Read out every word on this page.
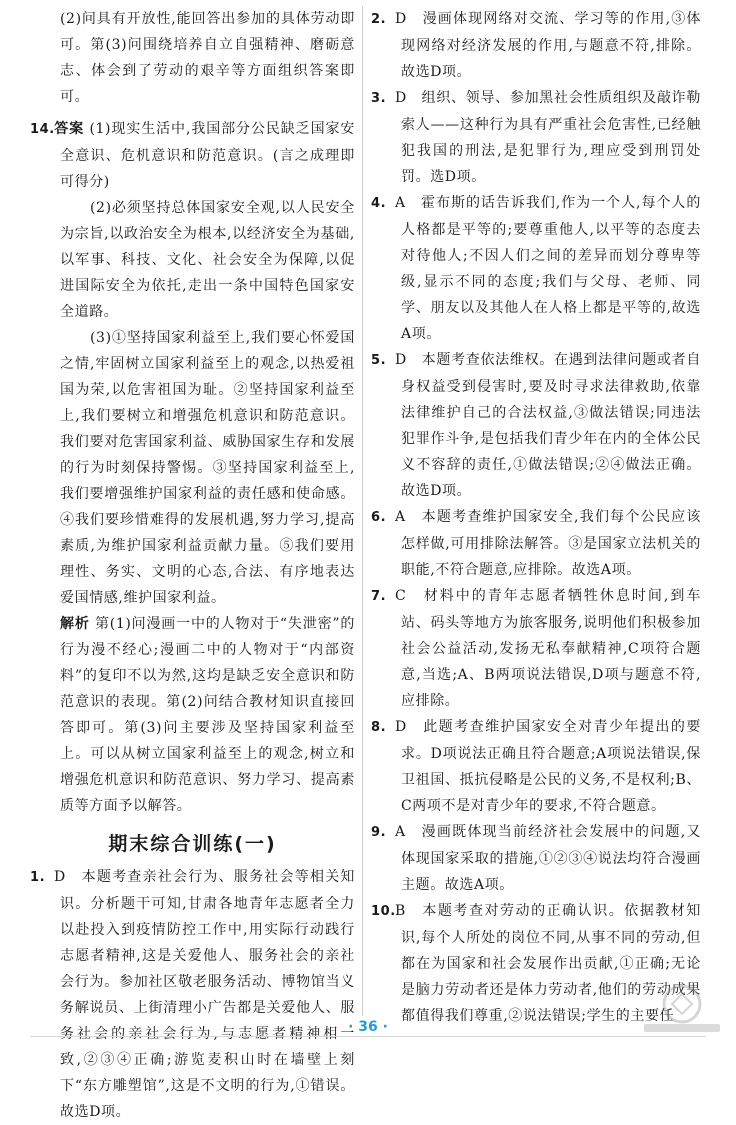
(2)问具有开放性,能回答出参加的具体劳动即可。第(3)问围绕培养自立自强精神、磨砺意志、体会到了劳动的艰辛等方面组织答案即可。

14.答案 (1)现实生活中,我国部分公民缺乏国家安全意识、危机意识和防范意识。(言之成理即可得分)

(2)必须坚持总体国家安全观,以人民安全为宗旨,以政治安全为根本,以经济安全为基础,以军事、科技、文化、社会安全为保障,以促进国际安全为依托,走出一条中国特色国家安全道路。

(3)①坚持国家利益至上,我们要心怀爱国之情,牢固树立国家利益至上的观念,以热爱祖国为荣,以危害祖国为耻。②坚持国家利益至上,我们要树立和增强危机意识和防范意识。我们要对危害国家利益、威胁国家生存和发展的行为时刻保持警惕。③坚持国家利益至上,我们要增强维护国家利益的责任感和使命感。④我们要珍惜难得的发展机遇,努力学习,提高素质,为维护国家利益贡献力量。⑤我们要用理性、务实、文明的心态,合法、有序地表达爱国情感,维护国家利益。

解析 第(1)问漫画一中的人物对于“失泄密”的行为漫不经心;漫画二中的人物对于“内部资料”的复印不以为然,这均是缺乏安全意识和防范意识的表现。第(2)问结合教材知识直接回答即可。第(3)问主要涉及坚持国家利益至上。可以从树立国家利益至上的观念,树立和增强危机意识和防范意识、努力学习、提高素质等方面予以解答。

期末综合训练(一)

1. D　本题考查亲社会行为、服务社会等相关知识。分析题干可知,甘肃各地青年志愿者全力以赴投入到疫情防控工作中,用实际行动践行志愿者精神,这是关爱他人、服务社会的亲社会行为。参加社区敬老服务活动、博物馆当义务解说员、上街清理小广告都是关爱他人、服务社会的亲社会行为,与志愿者精神相一致,②③④正确;游览麦积山时在墙壁上刻下“东方雕塑馆”,这是不文明的行为,①错误。故选D项。

2. D　漫画体现网络对交流、学习等的作用,③体现网络对经济发展的作用,与题意不符,排除。故选D项。

3. D　组织、领导、参加黑社会性质组织及敲诈勒索人——这种行为具有严重社会危害性,已经触犯我国的刑法,是犯罪行为,理应受到刑罚处罚。选D项。

4. A　霍布斯的话告诉我们,作为一个人,每个人的人格都是平等的;要尊重他人,以平等的态度去对待他人;不因人们之间的差异而划分尊卑等级,显示不同的态度;我们与父母、老师、同学、朋友以及其他人在人格上都是平等的,故选A项。

5. D　本题考查依法维权。在遇到法律问题或者自身权益受到侵害时,要及时寻求法律救助,依靠法律维护自己的合法权益,③做法错误;同违法犯罪作斗争,是包括我们青少年在内的全体公民义不容辞的责任,①做法错误;②④做法正确。故选D项。

6. A　本题考查维护国家安全,我们每个公民应该怎样做,可用排除法解答。③是国家立法机关的职能,不符合题意,应排除。故选A项。

7. C　材料中的青年志愿者牺牲休息时间,到车站、码头等地方为旅客服务,说明他们积极参加社会公益活动,发扬无私奉献精神,C项符合题意,当选;A、B两项说法错误,D项与题意不符,应排除。

8. D　此题考查维护国家安全对青少年提出的要求。D项说法正确且符合题意;A项说法错误,保卫祖国、抵抗侵略是公民的义务,不是权利;B、C两项不是对青少年的要求,不符合题意。

9. A　漫画既体现当前经济社会发展中的问题,又体现国家采取的措施,①②③④说法均符合漫画主题。故选A项。

10.B　本题考查对劳动的正确认识。依据教材知识,每个人所处的岗位不同,从事不同的劳动,但都在为国家和社会发展作出贡献,①正确;无论是脑力劳动者还是体力劳动者,他们的劳动成果都值得我们尊重,②说法错误;学生的主要任

· 36 ·
